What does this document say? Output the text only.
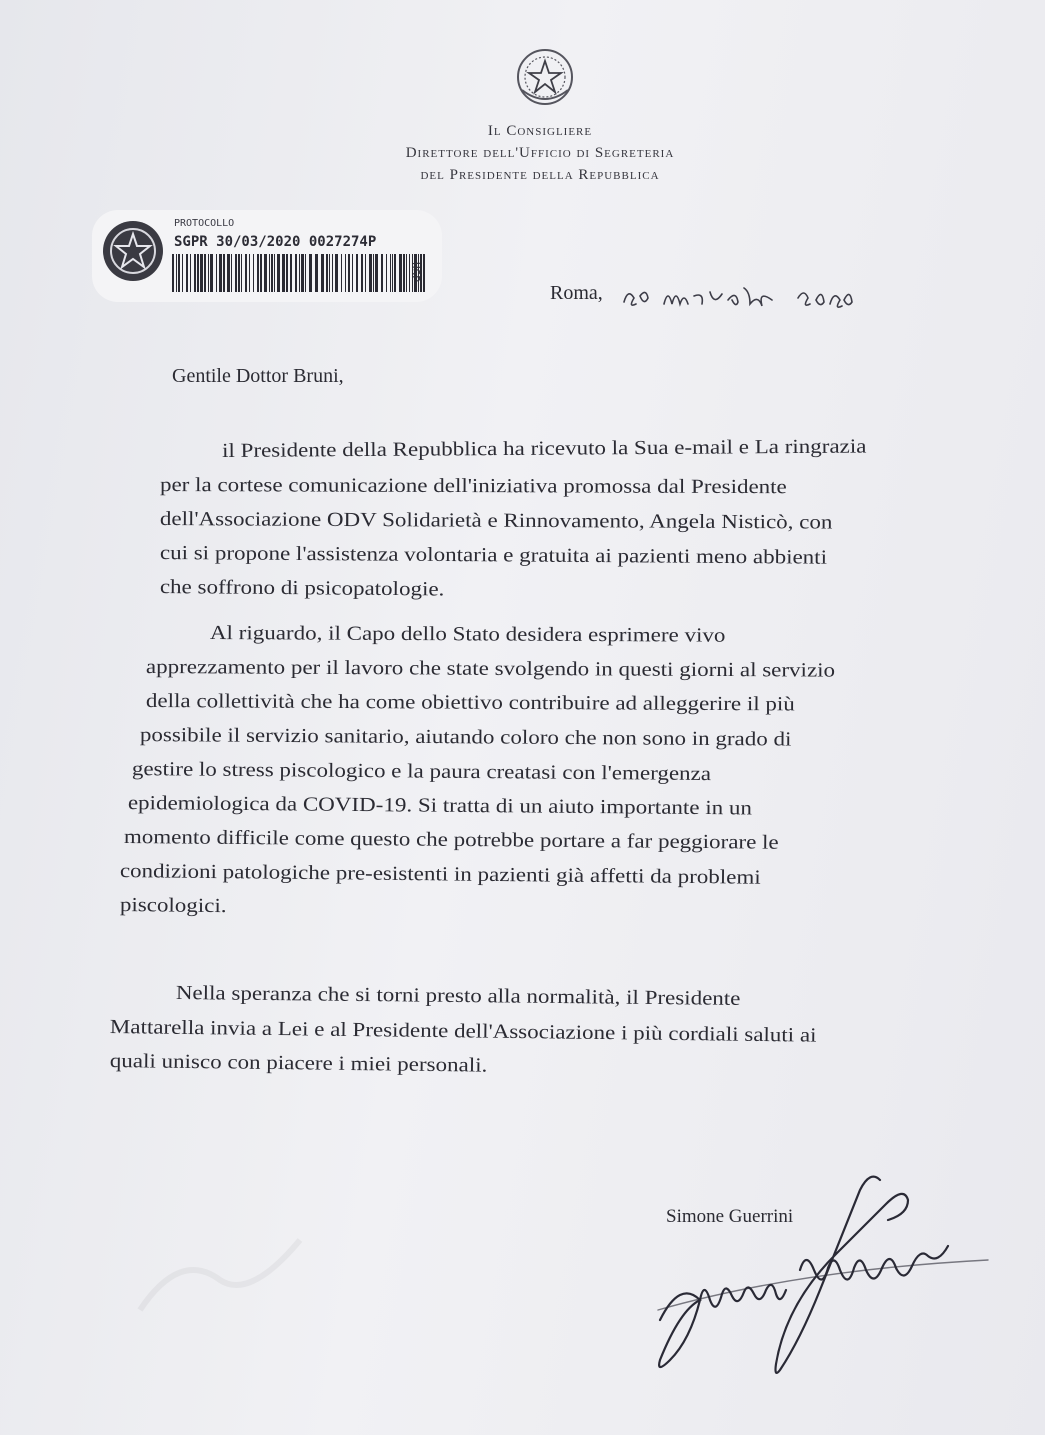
Il Consigliere
Direttore dell'Ufficio di Segreteria
del Presidente della Repubblica
PROTOCOLLO
SGPR 30/03/2020 0027274P
USP
Roma,
Gentile Dottor Bruni,
il Presidente della Repubblica ha ricevuto la Sua e-mail e La ringrazia
per la cortese comunicazione dell'iniziativa promossa dal Presidente
dell'Associazione ODV Solidarietà e Rinnovamento, Angela Nisticò, con
cui si propone l'assistenza volontaria e gratuita ai pazienti meno abbienti
che soffrono di psicopatologie.
Al riguardo, il Capo dello Stato desidera esprimere vivo
apprezzamento per il lavoro che state svolgendo in questi giorni al servizio
della collettività che ha come obiettivo contribuire ad alleggerire il più
possibile il servizio sanitario, aiutando coloro che non sono in grado di
gestire lo stress piscologico e la paura creatasi con l'emergenza
epidemiologica da COVID-19. Si tratta di un aiuto importante in un
momento difficile come questo che potrebbe portare a far peggiorare le
condizioni patologiche pre-esistenti in pazienti già affetti da problemi
piscologici.
Nella speranza che si torni presto alla normalità, il Presidente
Mattarella invia a Lei e al Presidente dell'Associazione i più cordiali saluti ai
quali unisco con piacere i miei personali.
Simone Guerrini
